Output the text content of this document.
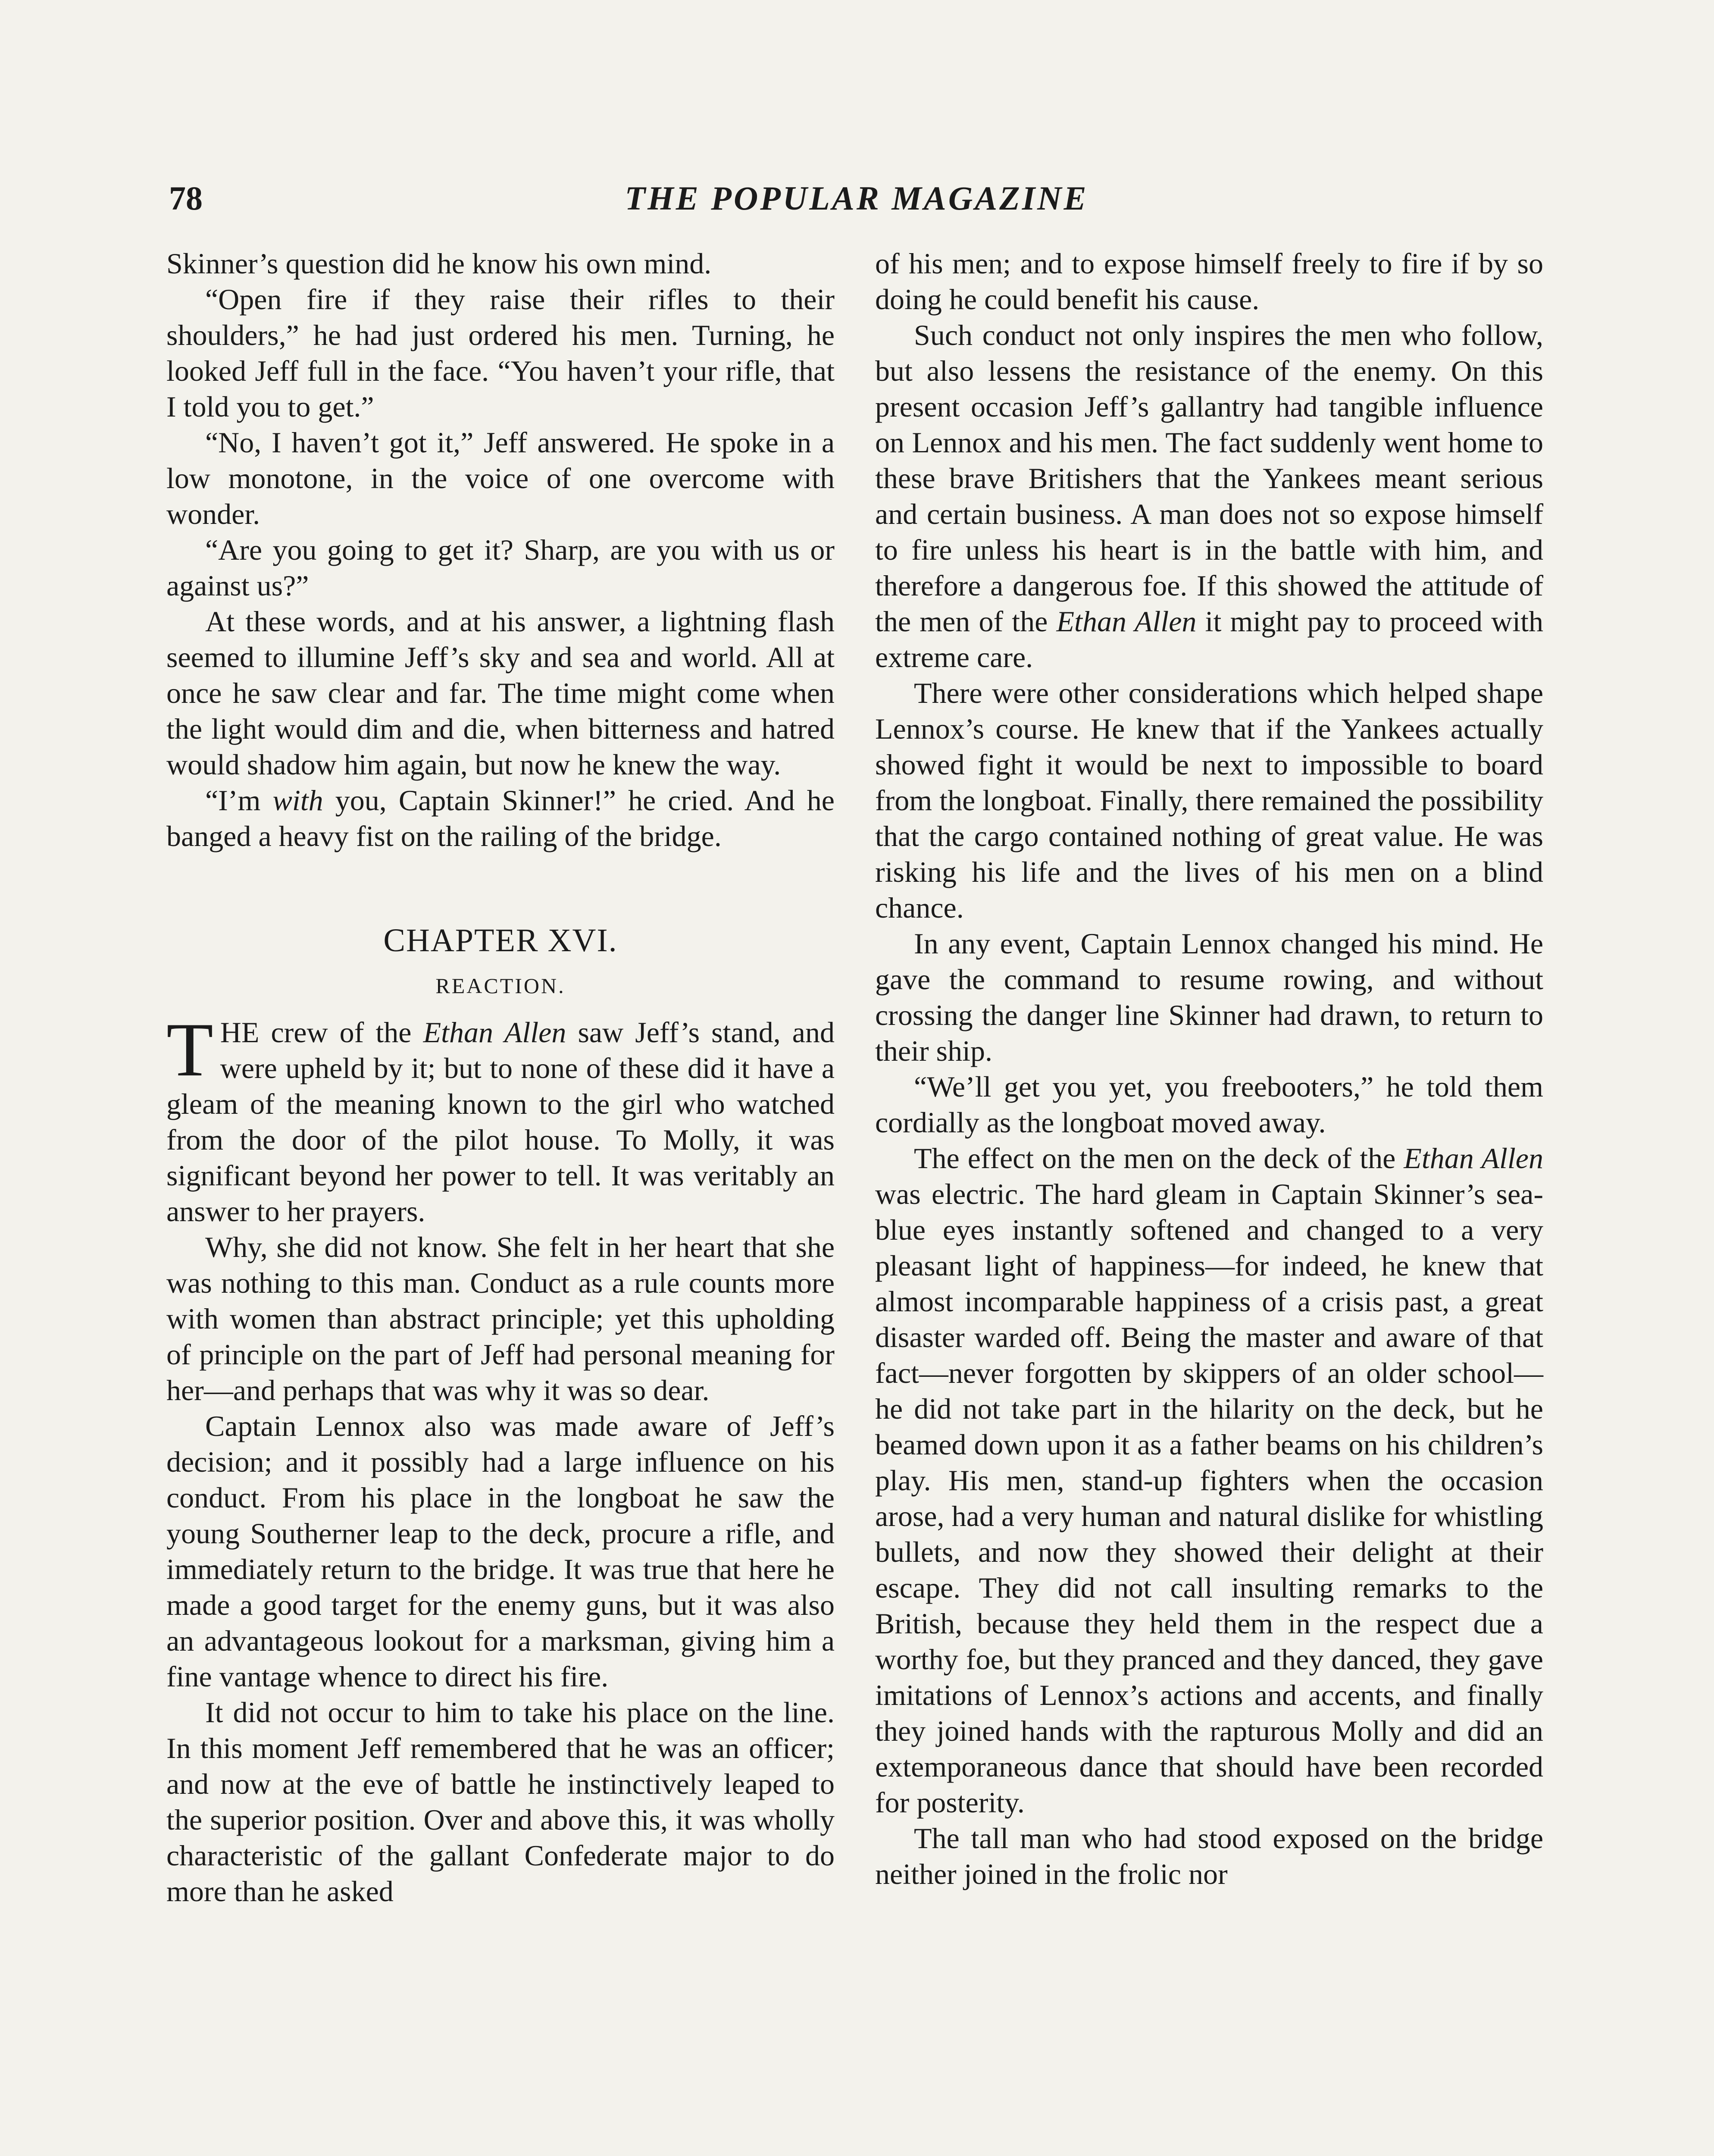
78	THE POPULAR MAGAZINE

Skinner’s question did he know his own mind.

“Open fire if they raise their rifles to their shoulders,” he had just ordered his men. Turning, he looked Jeff full in the face. “You haven’t your rifle, that I told you to get.”

“No, I haven’t got it,” Jeff answered. He spoke in a low monotone, in the voice of one overcome with wonder.

“Are you going to get it? Sharp, are you with us or against us?”

At these words, and at his answer, a lightning flash seemed to illumine Jeff’s sky and sea and world. All at once he saw clear and far. The time might come when the light would dim and die, when bitterness and hatred would shadow him again, but now he knew the way.

“I’m with you, Captain Skinner!” he cried. And he banged a heavy fist on the railing of the bridge.

CHAPTER XVI.
REACTION.

THE crew of the Ethan Allen saw Jeff’s stand, and were upheld by it; but to none of these did it have a gleam of the meaning known to the girl who watched from the door of the pilot house. To Molly, it was significant beyond her power to tell. It was veritably an answer to her prayers.

Why, she did not know. She felt in her heart that she was nothing to this man. Conduct as a rule counts more with women than abstract principle; yet this upholding of principle on the part of Jeff had personal meaning for her—and perhaps that was why it was so dear.

Captain Lennox also was made aware of Jeff’s decision; and it possibly had a large influence on his conduct. From his place in the longboat he saw the young Southerner leap to the deck, procure a rifle, and immediately return to the bridge. It was true that here he made a good target for the enemy guns, but it was also an advantageous lookout for a marksman, giving him a fine vantage whence to direct his fire.

It did not occur to him to take his place on the line. In this moment Jeff remembered that he was an officer; and now at the eve of battle he instinctively leaped to the superior position. Over and above this, it was wholly characteristic of the gallant Confederate major to do more than he asked

of his men; and to expose himself freely to fire if by so doing he could benefit his cause.

Such conduct not only inspires the men who follow, but also lessens the resistance of the enemy. On this present occasion Jeff’s gallantry had tangible influence on Lennox and his men. The fact suddenly went home to these brave Britishers that the Yankees meant serious and certain business. A man does not so expose himself to fire unless his heart is in the battle with him, and therefore a dangerous foe. If this showed the attitude of the men of the Ethan Allen it might pay to proceed with extreme care.

There were other considerations which helped shape Lennox’s course. He knew that if the Yankees actually showed fight it would be next to impossible to board from the longboat. Finally, there remained the possibility that the cargo contained nothing of great value. He was risking his life and the lives of his men on a blind chance.

In any event, Captain Lennox changed his mind. He gave the command to resume rowing, and without crossing the danger line Skinner had drawn, to return to their ship.

“We’ll get you yet, you freebooters,” he told them cordially as the longboat moved away.

The effect on the men on the deck of the Ethan Allen was electric. The hard gleam in Captain Skinner’s sea-blue eyes instantly softened and changed to a very pleasant light of happiness—for indeed, he knew that almost incomparable happiness of a crisis past, a great disaster warded off. Being the master and aware of that fact—never forgotten by skippers of an older school—he did not take part in the hilarity on the deck, but he beamed down upon it as a father beams on his children’s play. His men, stand-up fighters when the occasion arose, had a very human and natural dislike for whistling bullets, and now they showed their delight at their escape. They did not call insulting remarks to the British, because they held them in the respect due a worthy foe, but they pranced and they danced, they gave imitations of Lennox’s actions and accents, and finally they joined hands with the rapturous Molly and did an extemporaneous dance that should have been recorded for posterity.

The tall man who had stood exposed on the bridge neither joined in the frolic nor
